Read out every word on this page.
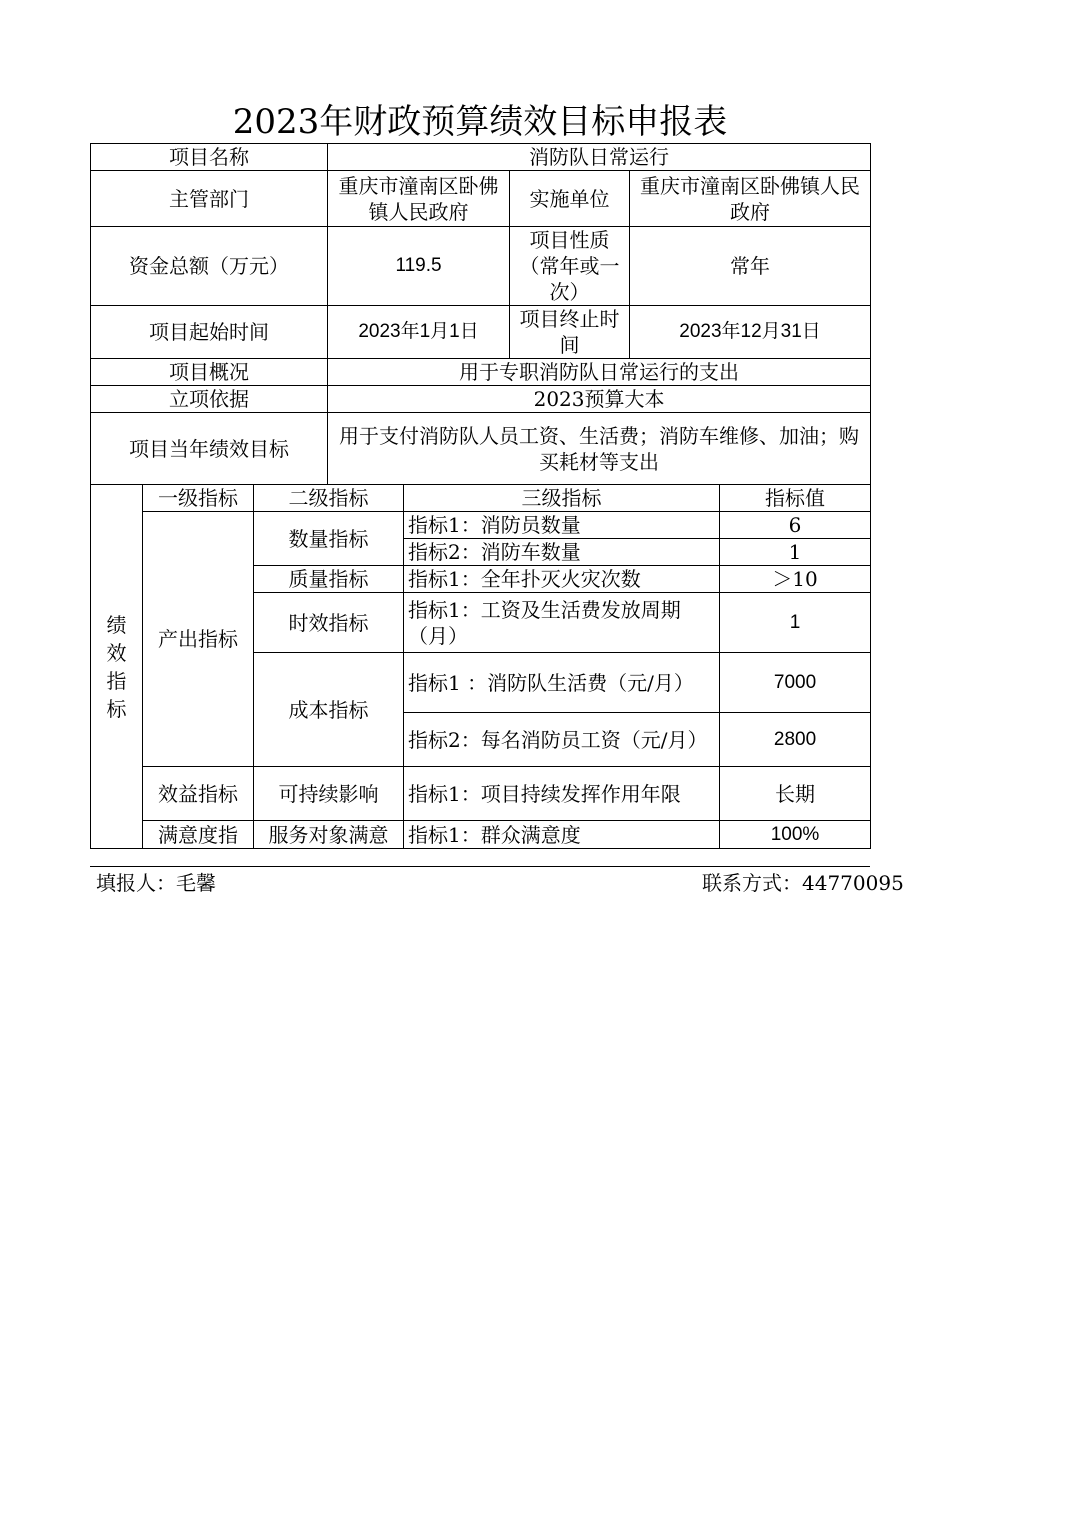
2023年财政预算绩效目标申报表
项目名称			消防队日常运行				
主管部门			重庆市潼南区卧佛镇人民政府		实施单位	重庆市潼南区卧佛镇人民政府	
资金总额（万元）			119.5		项目性质（常年或一次）	常年	
项目起始时间			2023年1月1日		项目终止时间	2023年12月31日	
项目概况			用于专职消防队日常运行的支出				
立项依据			2023预算大本				
项目当年绩效目标			用于支付消防队人员工资、生活费；消防车维修、加油；购买耗材等支出				

绩效指标	一级指标	二级指标		三级指标			指标值
	产出指标	数量指标		指标1：消防员数量			6
				指标2：消防车数量			1
		质量指标		指标1：全年扑灭火灾次数			＞10
		时效指标		指标1：工资及生活费发放周期（月）			1
		成本指标		指标1 ：消防队生活费（元/月）			7000
				指标2：每名消防员工资（元/月）			2800
	效益指标	可持续影响		指标1：项目持续发挥作用年限			长期
	满意度指	服务对象满意		指标1：群众满意度			100%
填报人：毛馨	联系方式：44770095
